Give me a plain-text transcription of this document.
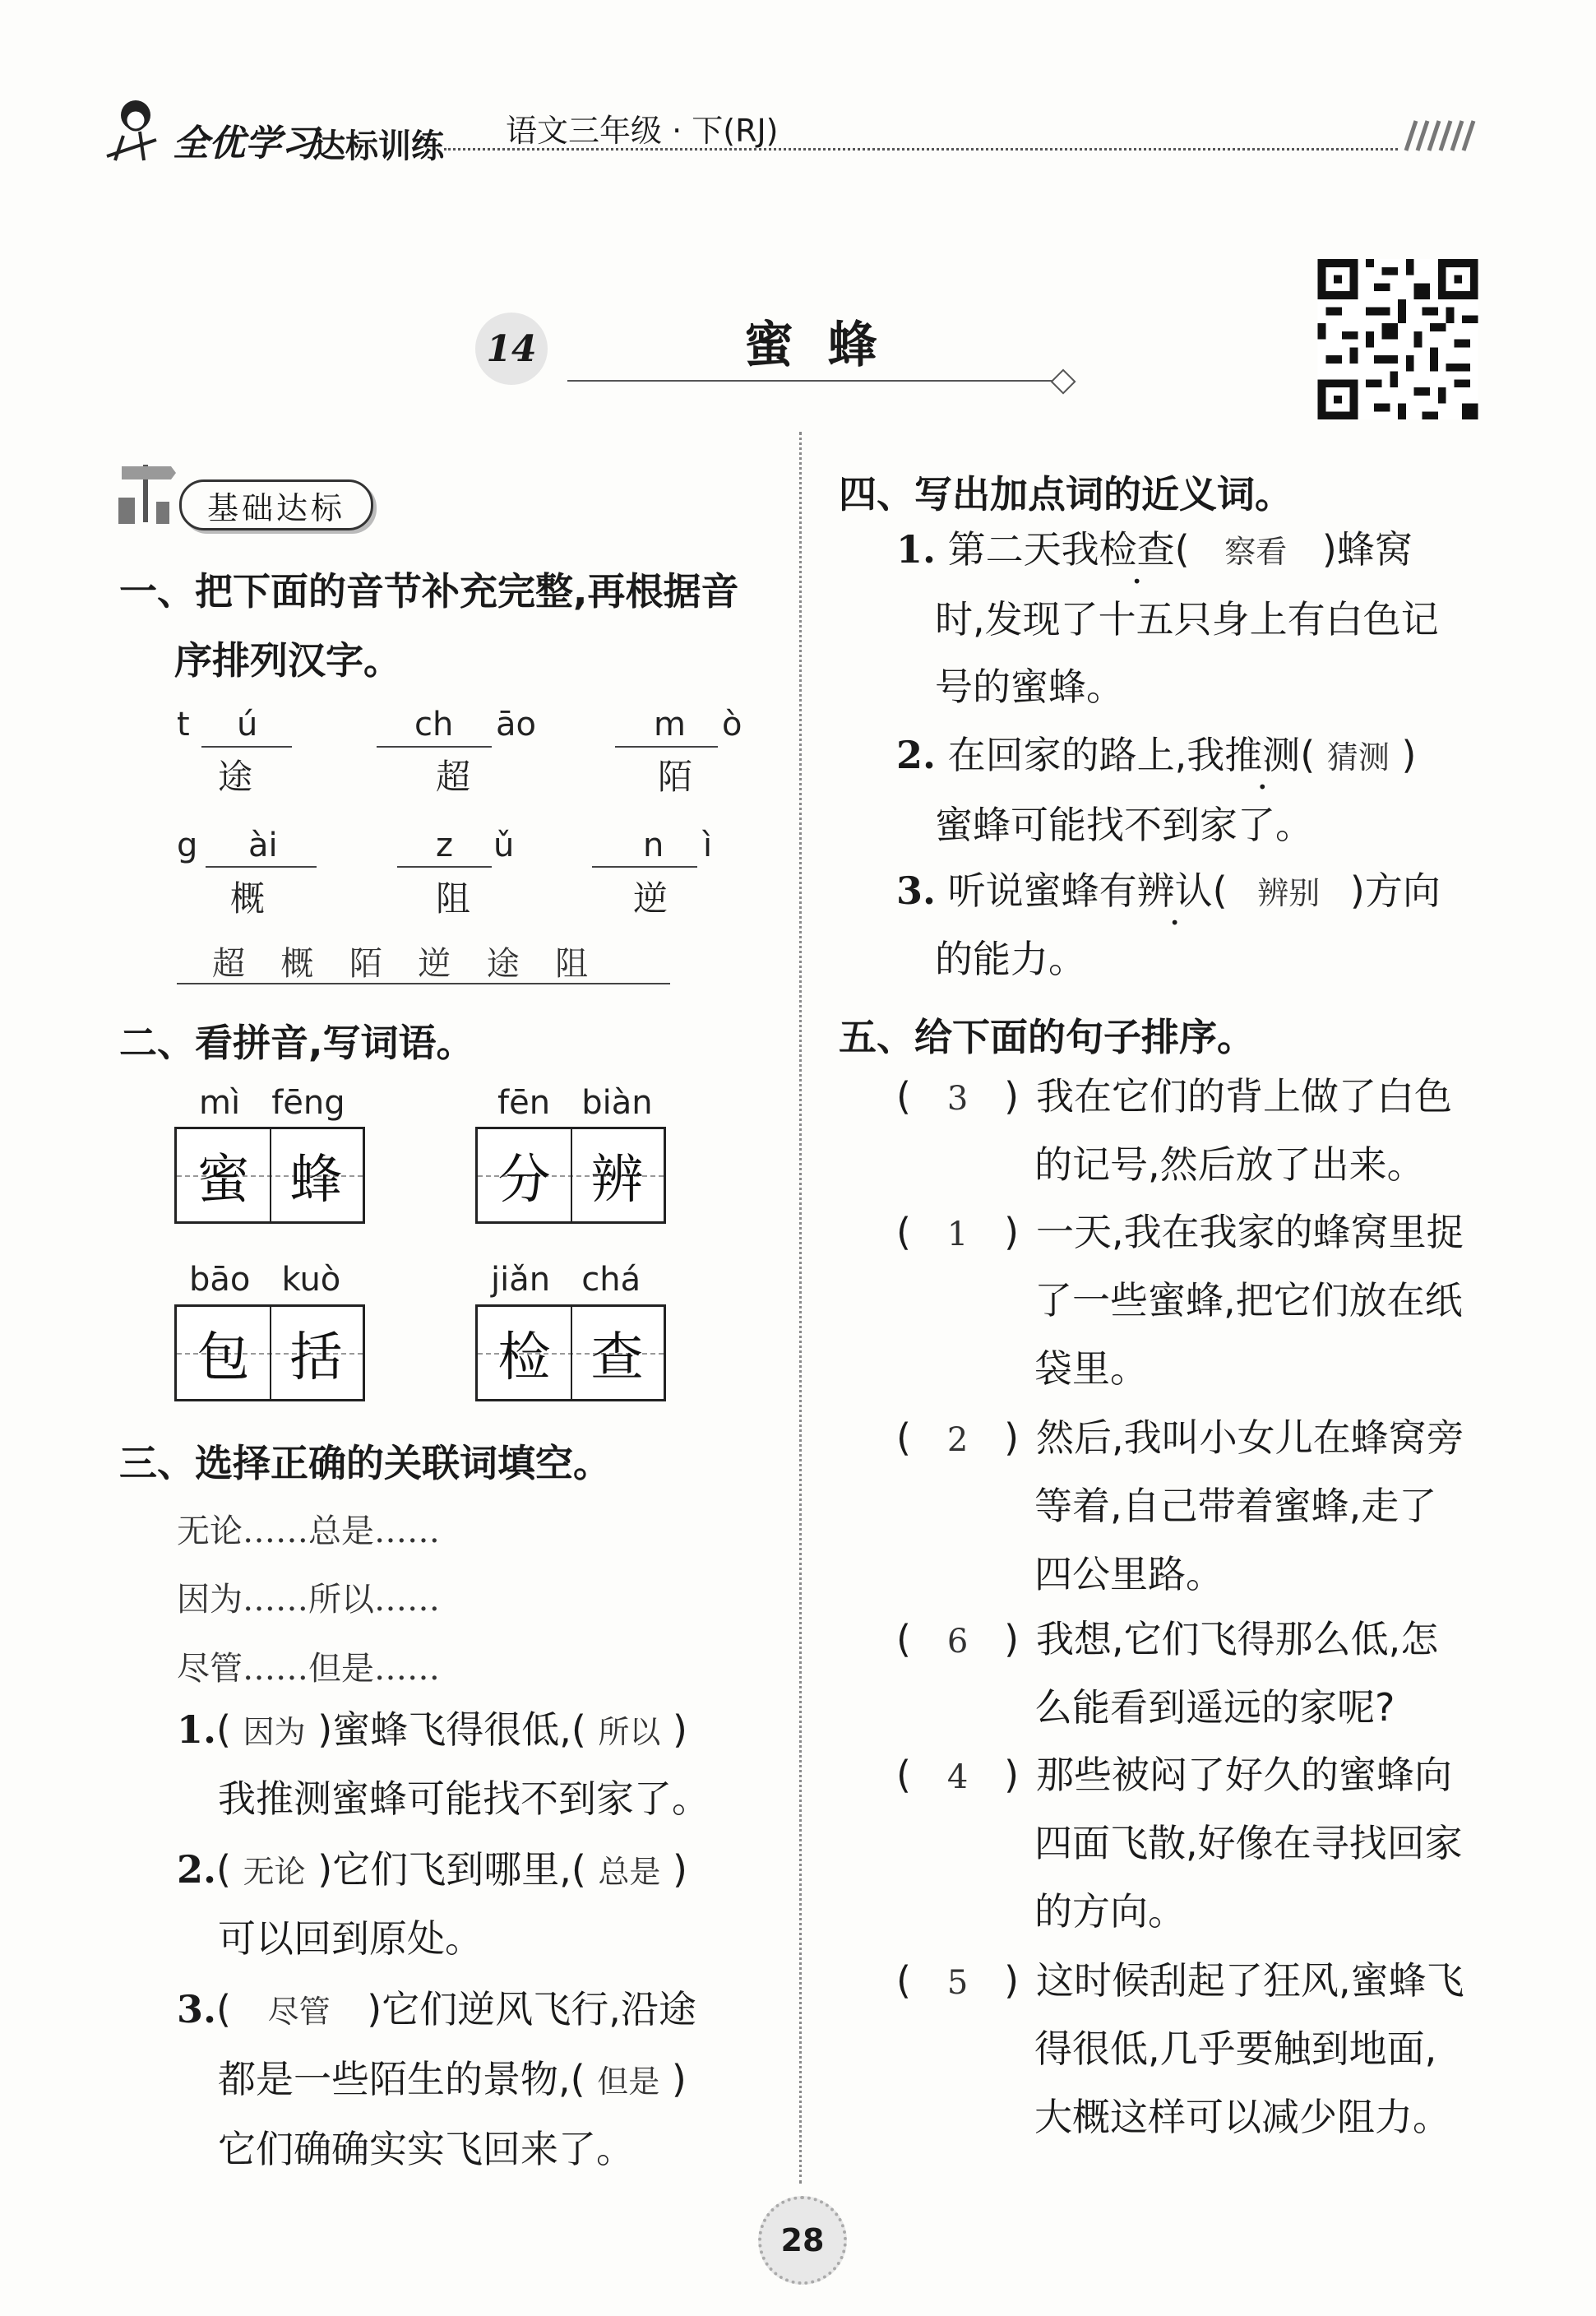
全优学习
达标训练 语文三年级 · 下(RJ)
14	蜜  蜂
基础达标
一、把下面的音节补充完整,再根据音
序排列汉字。
t ú
途
ch āo
超
m ò
陌
g ài
概
z ǔ
阻
n ì
逆
超  概  陌  逆  途  阻
二、看拼音,写词语。
mì   fēng
蜜 蜂
fēn   biàn
分 辨
bāo   kuò
包 括
jiǎn   chá
检 查
三、选择正确的关联词填空。
无论……总是……
因为……所以……
尽管……但是……
1.( 因为 )蜜蜂飞得很低,( 所以 )
我推测蜜蜂可能找不到家了。
2.( 无论 )它们飞到哪里,( 总是 )
可以回到原处。
3.( 尽管 )它们逆风飞行,沿途
都是一些陌生的景物,( 但是 )
它们确确实实飞回来了。
四、写出加点词的近义词。
1. 第二天我检查( 察看 )蜂窝
时,发现了十五只身上有白色记
号的蜜蜂。
2. 在回家的路上,我推测( 猜测 )
蜜蜂可能找不到家了。
3. 听说蜜蜂有辨认( 辨别 )方向
的能力。
五、给下面的句子排序。
(   3   ) 我在它们的背上做了白色
的记号,然后放了出来。
(   1   ) 一天,我在我家的蜂窝里捉
了一些蜜蜂,把它们放在纸
袋里。
(   2   ) 然后,我叫小女儿在蜂窝旁
等着,自己带着蜜蜂,走了
四公里路。
(   6   ) 我想,它们飞得那么低,怎
么能看到遥远的家呢?
(   4   ) 那些被闷了好久的蜜蜂向
四面飞散,好像在寻找回家
的方向。
(   5   ) 这时候刮起了狂风,蜜蜂飞
得很低,几乎要触到地面,
大概这样可以减少阻力。
28
